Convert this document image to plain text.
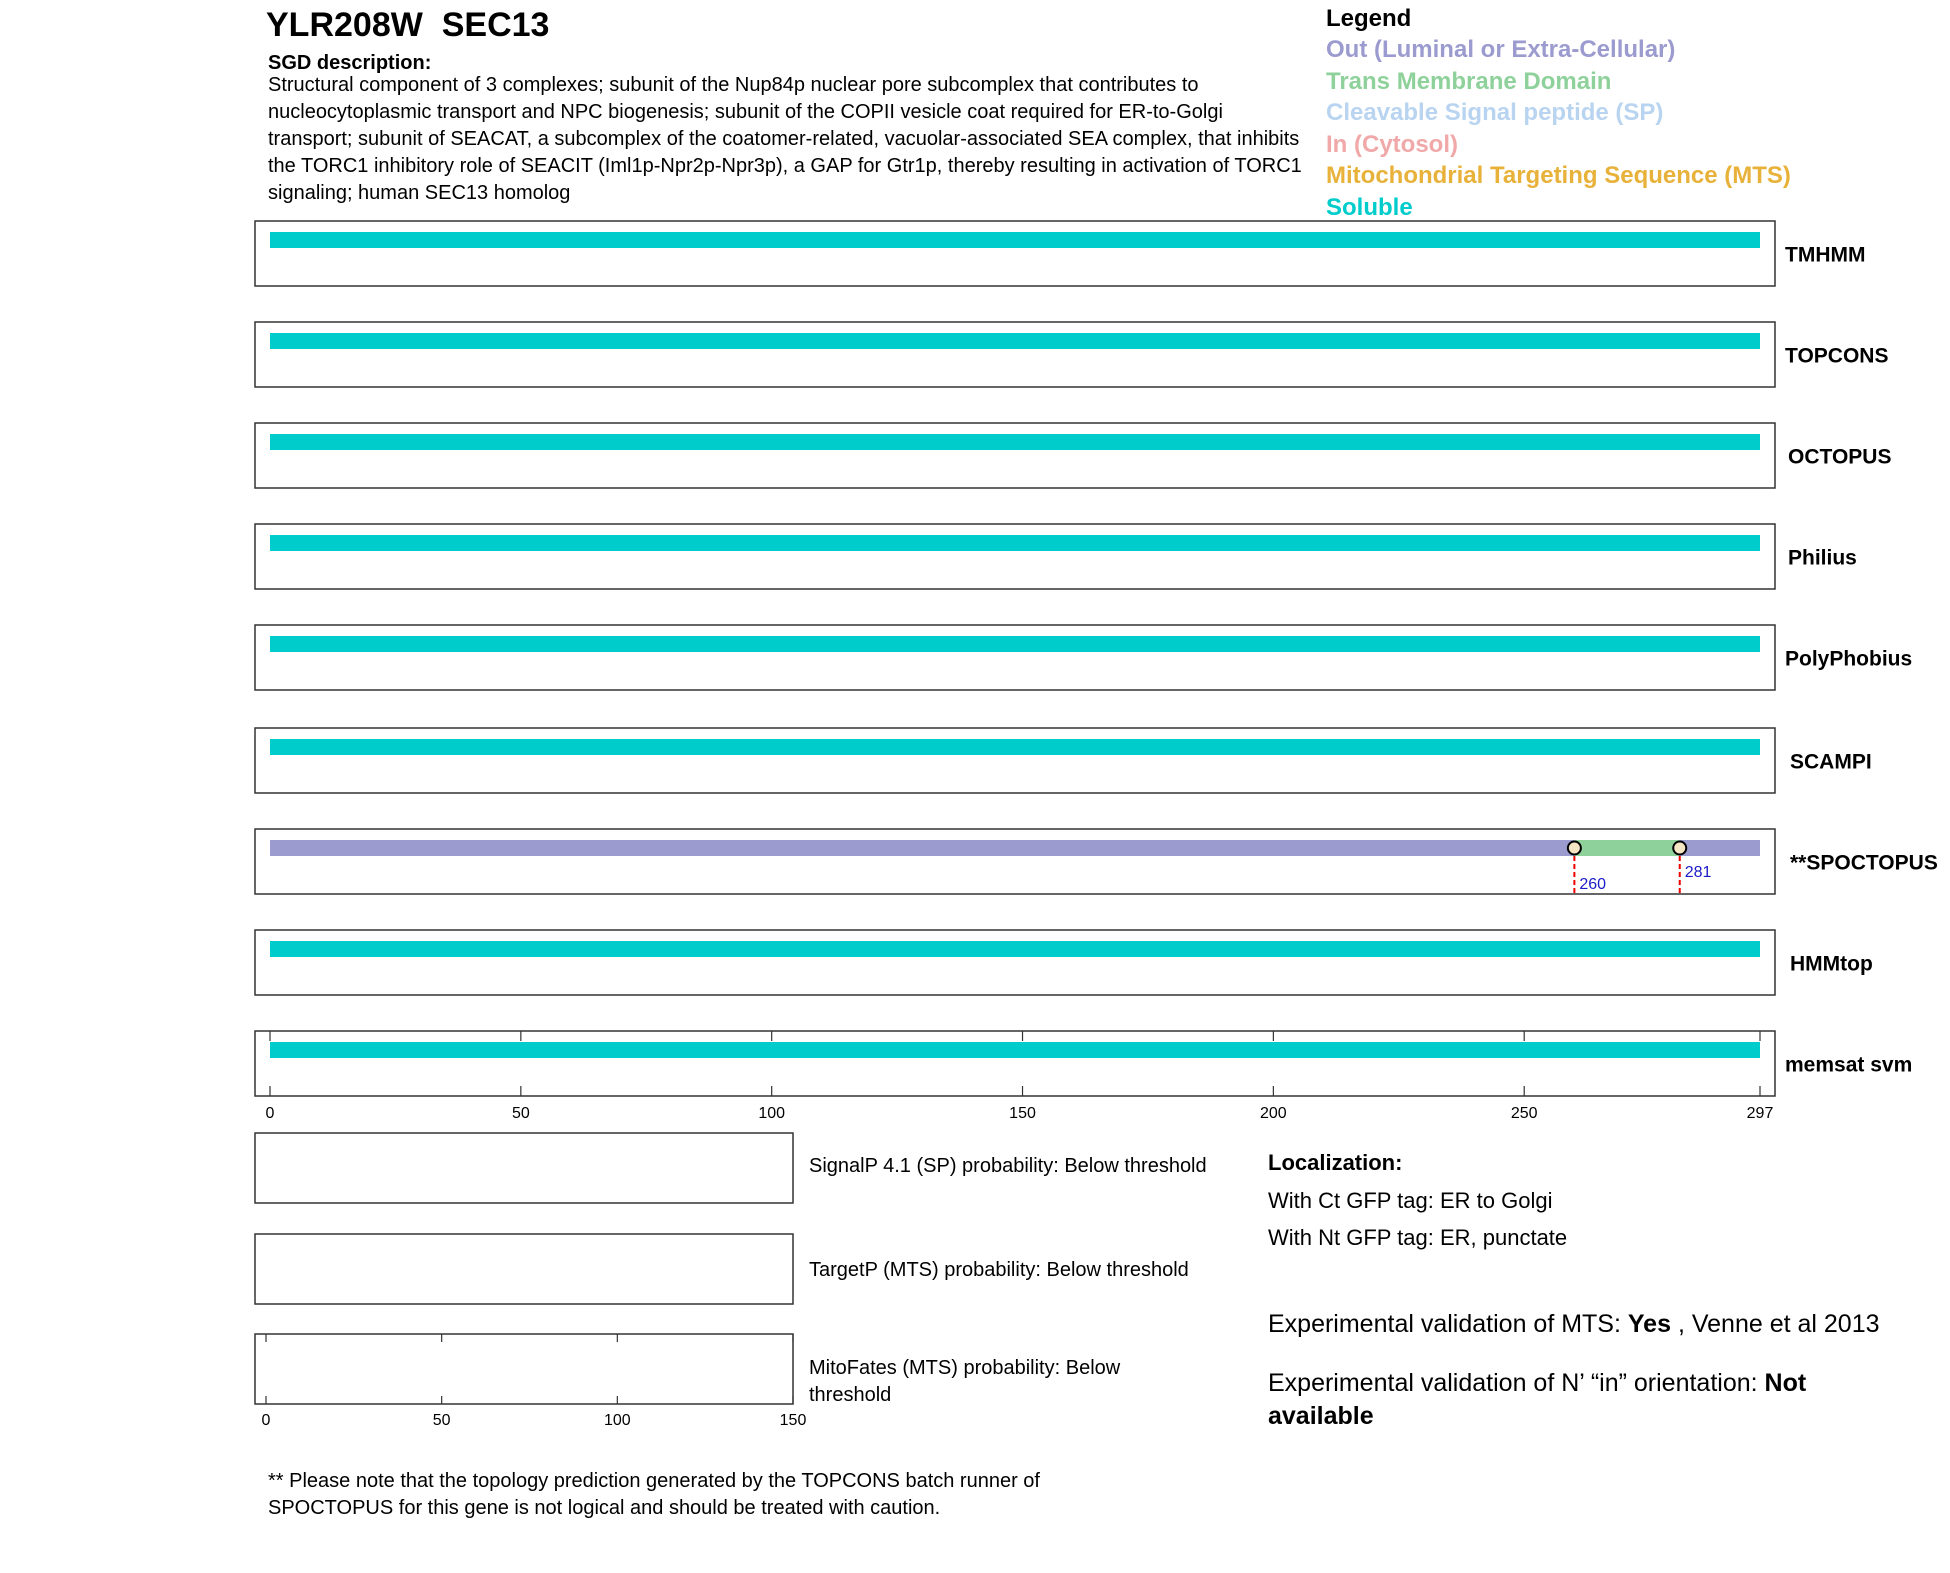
YLR208W  SEC13
SGD description:
Structural component of 3 complexes; subunit of the Nup84p nuclear pore subcomplex that contributes to nucleocytoplasmic transport and NPC biogenesis; subunit of the COPII vesicle coat required for ER-to-Golgi transport; subunit of SEACAT, a subcomplex of the coatomer-related, vacuolar-associated SEA complex, that inhibits the TORC1 inhibitory role of SEACIT (Iml1p-Npr2p-Npr3p), a GAP for Gtr1p, thereby resulting in activation of TORC1 signaling; human SEC13 homolog
Legend
Out (Luminal or Extra-Cellular)
Trans Membrane Domain
Cleavable Signal peptide (SP)
In (Cytosol)
Mitochondrial Targeting Sequence (MTS)
Soluble
TMHMM
TOPCONS
OCTOPUS
Philius
PolyPhobius
SCAMPI
260
281	**SPOCTOPUS
HMMtop
memsat svm
0	50	100	150	200	250	297
0	50	100	150
SignalP 4.1 (SP) probability: Below threshold
TargetP (MTS) probability: Below threshold
MitoFates (MTS) probability: Below threshold
Localization:
With Ct GFP tag: ER to Golgi
With Nt GFP tag: ER, punctate
Experimental validation of MTS: Yes , Venne et al 2013
Experimental validation of N’ “in” orientation: Not available
** Please note that the topology prediction generated by the TOPCONS batch runner of SPOCTOPUS for this gene is not logical and should be treated with caution.
